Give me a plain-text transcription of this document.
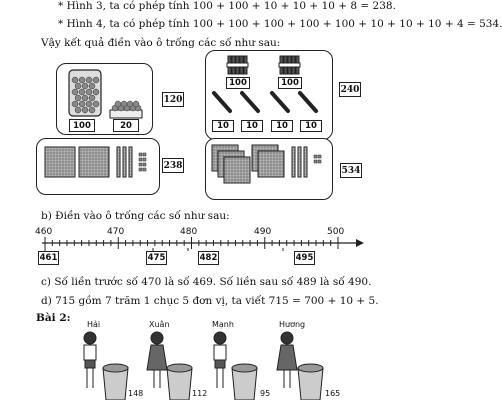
* Hình 3, ta có phép tính 100 + 100 + 10 + 10 + 10 + 8 = 238.
* Hình 4, ta có phép tính 100 + 100 + 100 + 100 + 100 + 10 + 10 + 10 + 4 = 534.
Vậy kết quả điền vào ô trống các số như sau:
100	20
120
100	100
10	10	10	10
240
238	534
b) Điền vào ô trống các số như sau:
460	470	480	490	500
461	475	482	495
c) Số liền trước số 470 là số 469. Số liền sau số 489 là số 490.
d) 715 gồm 7 trăm 1 chục 5 đơn vị, ta viết 715 = 700 + 10 + 5.
Bài 2:
Hải	Xuân	Mạnh	Hương
148	112	95	165
